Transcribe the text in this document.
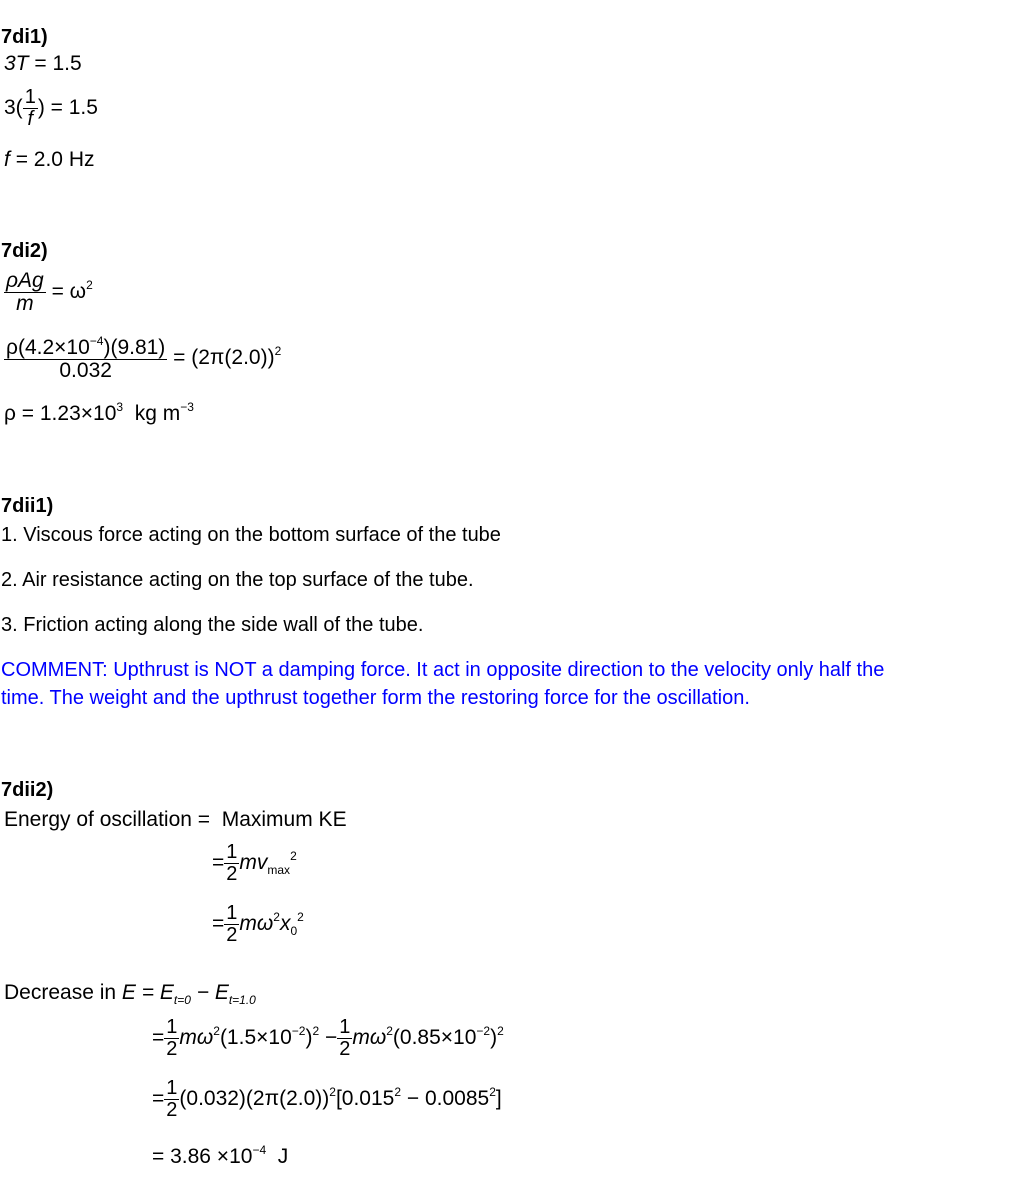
7di1)
3T = 1.5
$3( \frac{1}{f}$ ) = 1.5
f = 2.0 Hz
7di2)
$\frac{\text{ρAg}}{m} = \omega^2$
$\frac{\rho(4.2\times 10^{-4})(9.81)}{0.032} = (2\pi(2.0))^2$
$\rho = 1.23\times 10^3$ kg $m^{-3}$
7dii1)
1. Viscous force acting on the bottom surface of the tube
2. Air resistance acting on the top surface of the tube.
3. Friction acting along the side wall of the tube.
COMMENT: Upthrust is NOT a damping force. It act in opposite direction to the velocity only half the
time. The weight and the upthrust together form the restoring force for the oscillation.
7dii2)
Energy of oscillation = Maximum KE
= $\frac{1}{2} mv_{max}^2$
= $\frac{1}{2} m\omega^2x_0^2$
Decrease in $E = E_{t=0} - E_{t=1.0}$
= $\frac{1}{2} m\omega^2(1.5\times 10^{-2})^2 - \frac{1}{2} m\omega^2(0.85\times 10^{-2})^2$
= $\frac{1}{2} (0.032)(2\pi(2.0))^2[0.015^2 - 0.0085^2]$
= $3.86 \times 10^{-4}$ J
